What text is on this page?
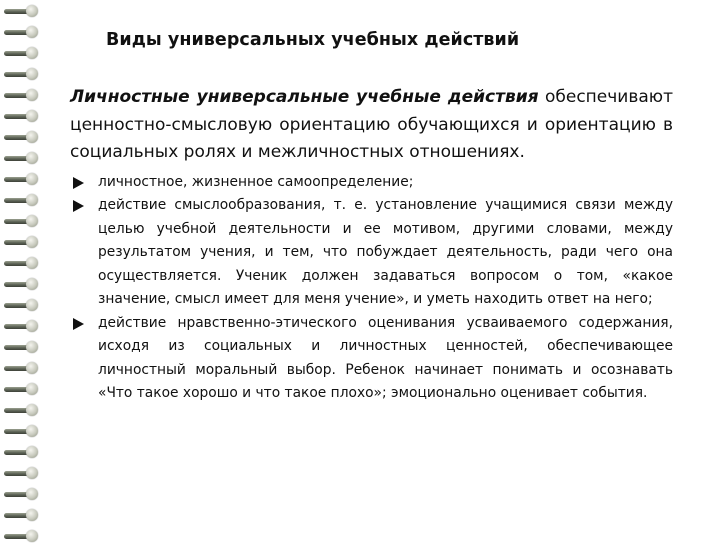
Виды универсальных учебных действий

Личностные универсальные учебные действия обеспечивают ценностно-смысловую ориентацию обучающихся и ориентацию в социальных ролях и межличностных отношениях.

личностное, жизненное самоопределение;
действие смыслообразования, т. е. установление учащимися связи между целью учебной деятельности и ее мотивом, другими словами, между результатом учения, и тем, что побуждает деятельность, ради чего она осуществляется. Ученик должен задаваться вопросом о том, «какое значение, смысл имеет для меня учение», и уметь находить ответ на него;
действие нравственно-этического оценивания усваиваемого содержания, исходя из социальных и личностных ценностей, обеспечивающее личностный моральный выбор. Ребенок начинает понимать и осознавать «Что такое хорошо и что такое плохо»; эмоционально оценивает события.
